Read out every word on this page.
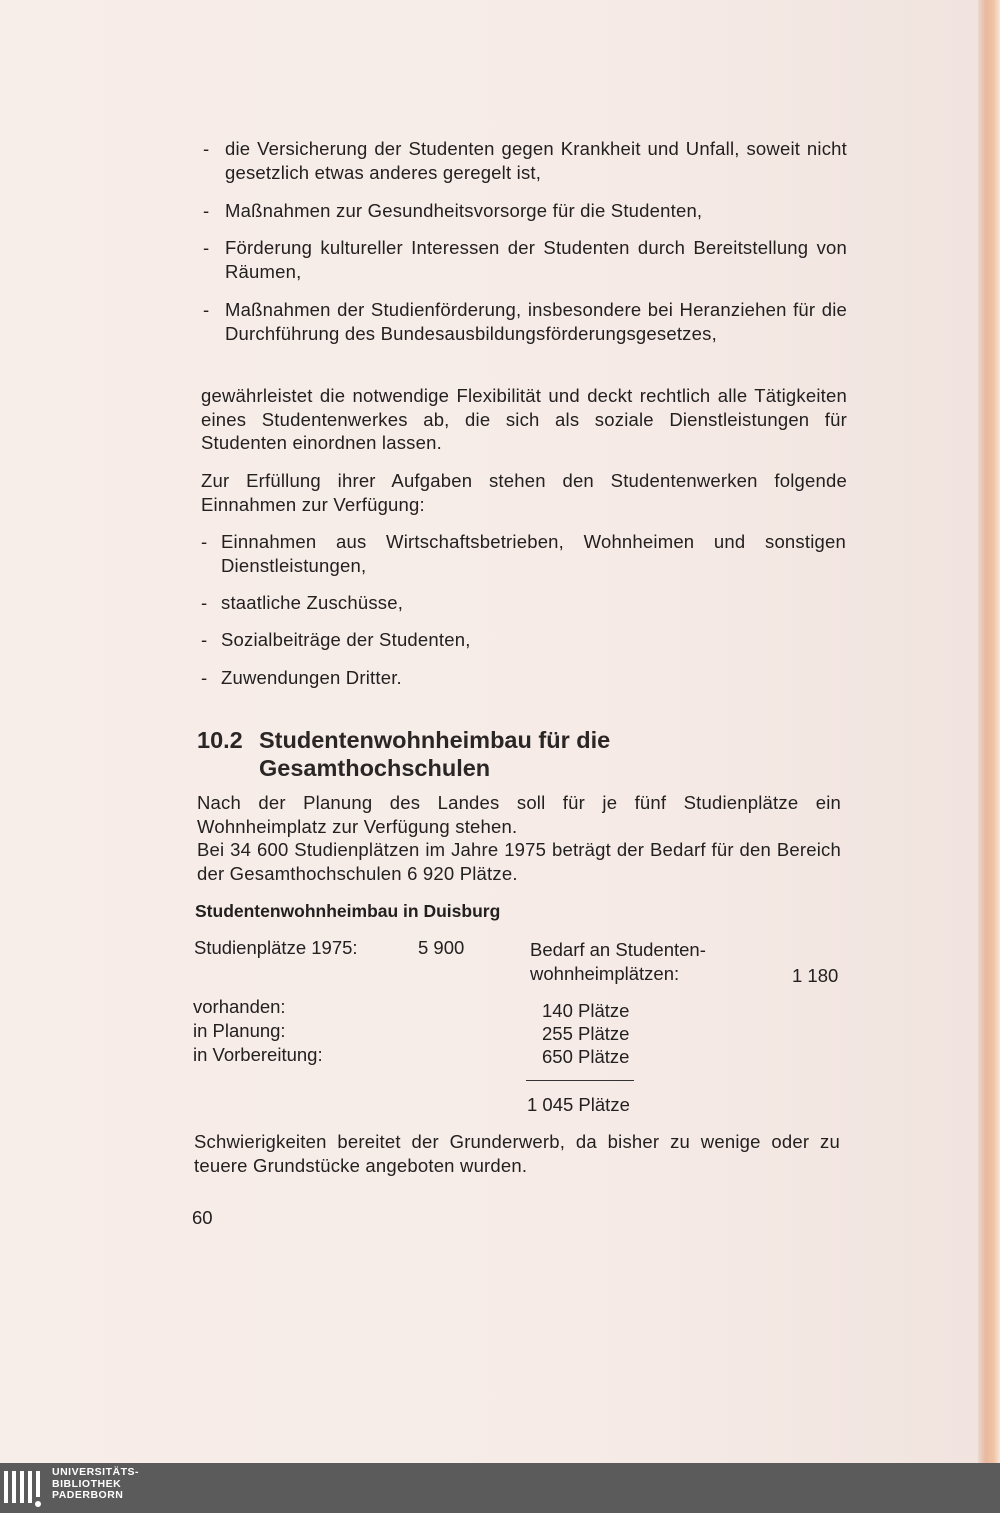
- die Versicherung der Studenten gegen Krankheit und Unfall, soweit nicht gesetzlich etwas anderes geregelt ist,
- Maßnahmen zur Gesundheitsvorsorge für die Studenten,
- Förderung kultureller Interessen der Studenten durch Bereitstellung von Räumen,
- Maßnahmen der Studienförderung, insbesondere bei Heranziehen für die Durchführung des Bundesausbildungsförderungsgesetzes,
gewährleistet die notwendige Flexibilität und deckt rechtlich alle Tätigkeiten eines Studentenwerkes ab, die sich als soziale Dienstleistungen für Studenten einordnen lassen.
Zur Erfüllung ihrer Aufgaben stehen den Studentenwerken folgende Einnahmen zur Verfügung:
- Einnahmen aus Wirtschaftsbetrieben, Wohnheimen und sonstigen Dienstleistungen,
- staatliche Zuschüsse,
- Sozialbeiträge der Studenten,
- Zuwendungen Dritter.
10.2 Studentenwohnheimbau für die
Gesamthochschulen
Nach der Planung des Landes soll für je fünf Studienplätze ein Wohnheimplatz zur Verfügung stehen.
Bei 34 600 Studienplätzen im Jahre 1975 beträgt der Bedarf für den Bereich der Gesamthochschulen 6 920 Plätze.
Studentenwohnheimbau in Duisburg
Studienplätze 1975:	5 900	Bedarf an Studenten-
wohnheimplätzen:	1 180
vorhanden:	140 Plätze
in Planung:	255 Plätze
in Vorbereitung:	650 Plätze
1 045 Plätze
Schwierigkeiten bereitet der Grunderwerb, da bisher zu wenige oder zu teuere Grundstücke angeboten wurden.
60
UNIVERSITÄTS-
BIBLIOTHEK
PADERBORN
